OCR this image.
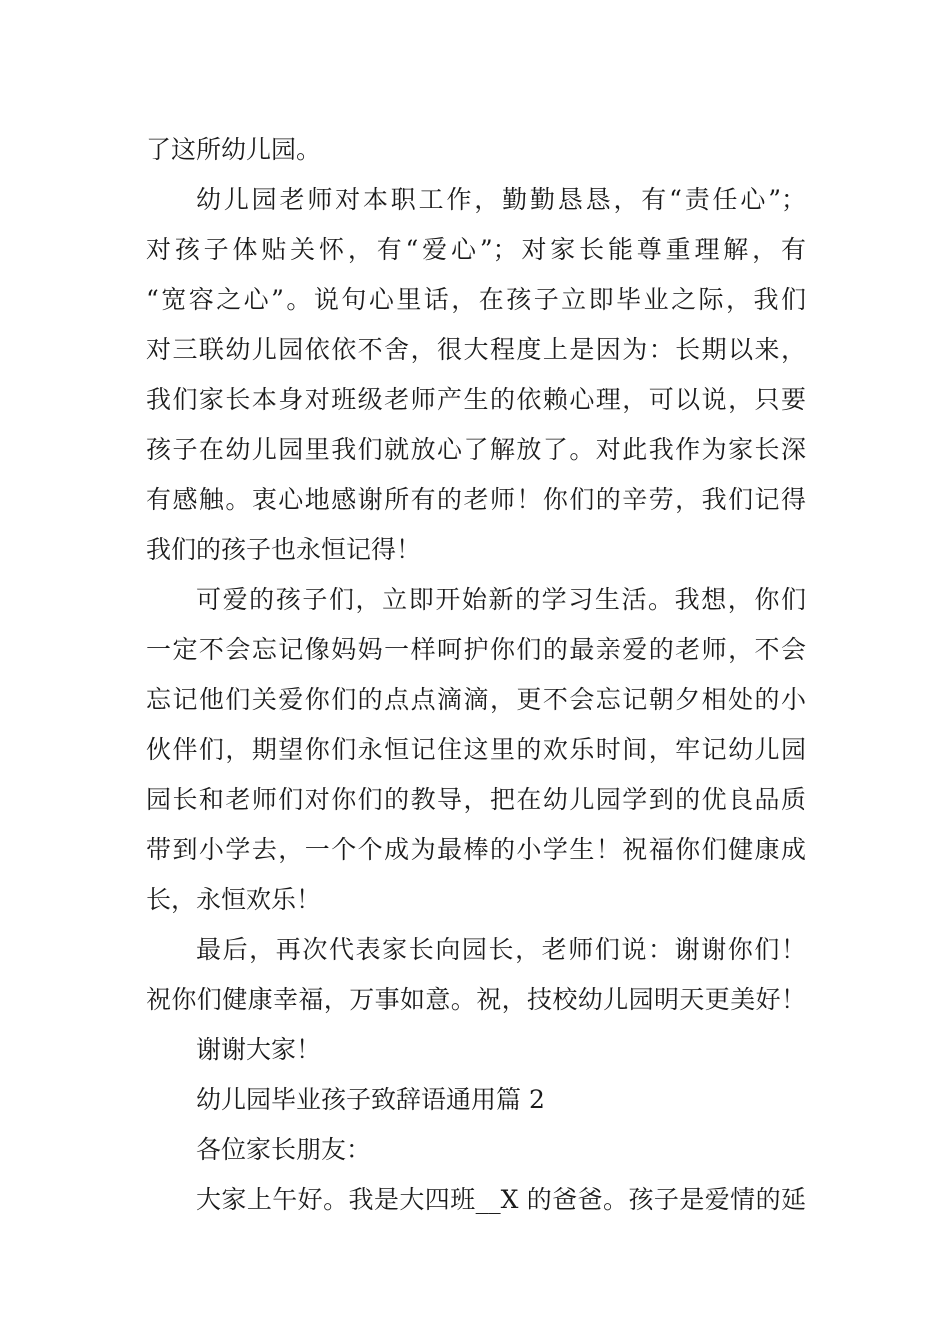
了这所幼儿园。
幼儿园老师对本职工作，勤勤恳恳，有“责任心”；
对孩子体贴关怀，有“爱心”；对家长能尊重理解，有
“宽容之心”。说句心里话，在孩子立即毕业之际，我们
对三联幼儿园依依不舍，很大程度上是因为：长期以来，
我们家长本身对班级老师产生的依赖心理，可以说，只要
孩子在幼儿园里我们就放心了解放了。对此我作为家长深
有感触。衷心地感谢所有的老师！你们的辛劳，我们记得
我们的孩子也永恒记得！
可爱的孩子们，立即开始新的学习生活。我想，你们
一定不会忘记像妈妈一样呵护你们的最亲爱的老师，不会
忘记他们关爱你们的点点滴滴，更不会忘记朝夕相处的小
伙伴们，期望你们永恒记住这里的欢乐时间，牢记幼儿园
园长和老师们对你们的教导，把在幼儿园学到的优良品质
带到小学去，一个个成为最棒的小学生！祝福你们健康成
长，永恒欢乐！
最后，再次代表家长向园长，老师们说：谢谢你们！
祝你们健康幸福，万事如意。祝，技校幼儿园明天更美好！
谢谢大家！
幼儿园毕业孩子致辞语通用篇 2
各位家长朋友：
大家上午好。我是大四班__X 的爸爸。孩子是爱情的延
